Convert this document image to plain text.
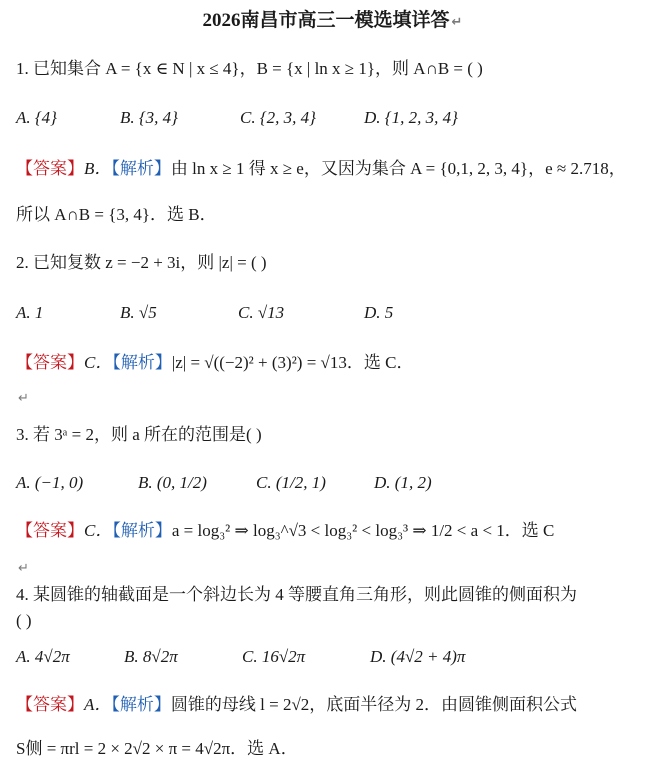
2026南昌市高三一模选填详答 ↵
1. 已知集合 A = {x ∈ N | x ≤ 4}，B = {x | ln x ≥ 1}，则 A∩B = ( )
A. {4}	B. {3, 4}	C. {2, 3, 4}	D. {1, 2, 3, 4}
【答案】B．【解析】由 ln x ≥ 1 得 x ≥ e，又因为集合 A = {0,1, 2, 3, 4}，e ≈ 2.718，
所以 A∩B = {3, 4}．选 B．
2. 已知复数 z = −2 + 3i，则 |z| = ( )
A. 1	B. √5	C. √13	D. 5
【答案】C．【解析】|z| = √((−2)² + (3)²) = √13．选 C．
↵
3. 若 3ᵃ = 2，则 a 所在的范围是( )
A. (−1, 0)	B. (0, 1/2)	C. (1/2, 1)	D. (1, 2)
【答案】C．【解析】a = log₃² ⇒ log₃^√3 < log₃² < log₃³ ⇒ 1/2 < a < 1．选 C
↵
4. 某圆锥的轴截面是一个斜边长为 4 等腰直角三角形，则此圆锥的侧面积为
( )
A. 4√2π	B. 8√2π	C. 16√2π	D. (4√2 + 4)π
【答案】A．【解析】圆锥的母线 l = 2√2，底面半径为 2．由圆锥侧面积公式
S侧 = πrl = 2 × 2√2 × π = 4√2π．选 A．
